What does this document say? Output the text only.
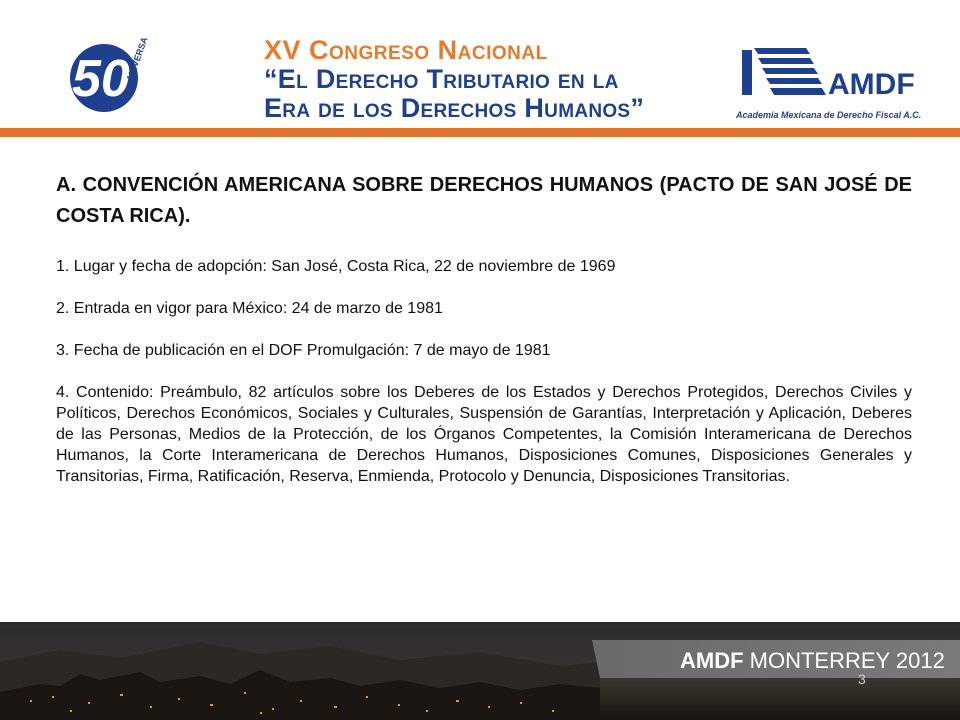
50
ANIVERSARIO	XV Congreso Nacional
“El Derecho Tributario en la
Era de los Derechos Humanos”
AMDF
Academia Mexicana de Derecho Fiscal A.C.
A. CONVENCIÓN AMERICANA SOBRE DERECHOS HUMANOS (PACTO DE SAN JOSÉ DE COSTA RICA).
1. Lugar y fecha de adopción: San José, Costa Rica, 22 de noviembre de 1969
2. Entrada en vigor para México: 24 de marzo de 1981
3. Fecha de publicación en el DOF Promulgación: 7 de mayo de 1981
4. Contenido: Preámbulo, 82 artículos sobre los Deberes de los Estados y Derechos Protegidos, Derechos Civiles y Políticos, Derechos Económicos, Sociales y Culturales, Suspensión de Garantías, Interpretación y Aplicación, Deberes de las Personas, Medios de la Protección, de los Órganos Competentes, la Comisión Interamericana de Derechos Humanos, la Corte Interamericana de Derechos Humanos, Disposiciones Comunes, Disposiciones Generales y Transitorias, Firma, Ratificación, Reserva, Enmienda, Protocolo y Denuncia, Disposiciones Transitorias.
AMDF MONTERREY 2012
3
